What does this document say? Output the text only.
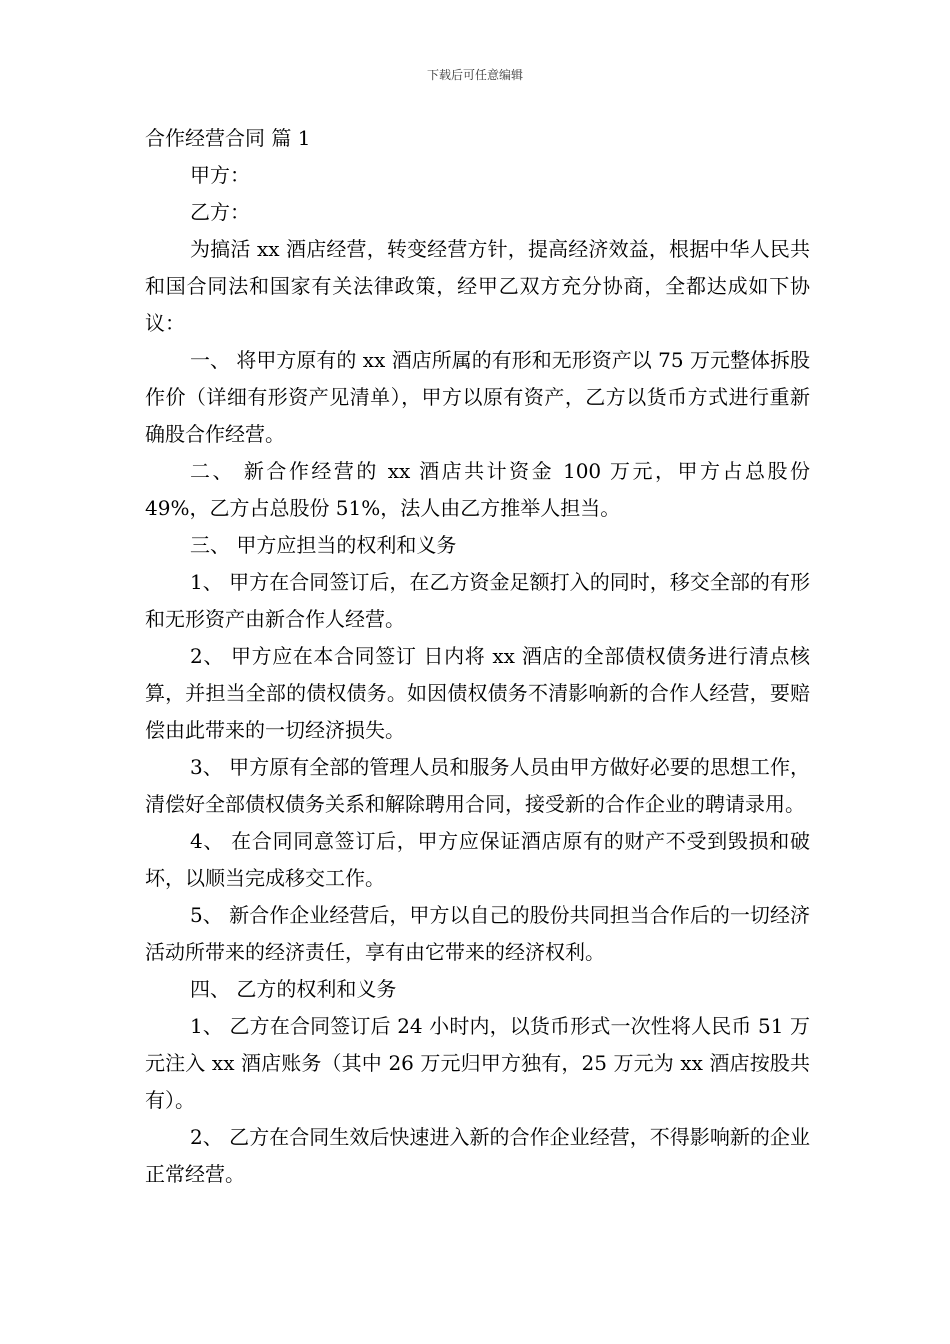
下载后可任意编辑

合作经营合同 篇 1

甲方：

乙方：

为搞活 xx 酒店经营，转变经营方针，提高经济效益，根据中华人民共和国合同法和国家有关法律政策，经甲乙双方充分协商，全都达成如下协议：

一、 将甲方原有的 xx 酒店所属的有形和无形资产以 75 万元整体拆股作价（详细有形资产见清单），甲方以原有资产，乙方以货币方式进行重新确股合作经营。

二、 新合作经营的 xx 酒店共计资金 100 万元，甲方占总股份 49%，乙方占总股份 51%，法人由乙方推举人担当。

三、 甲方应担当的权利和义务

1、 甲方在合同签订后，在乙方资金足额打入的同时，移交全部的有形和无形资产由新合作人经营。

2、 甲方应在本合同签订 日内将 xx 酒店的全部债权债务进行清点核算，并担当全部的债权债务。如因债权债务不清影响新的合作人经营，要赔偿由此带来的一切经济损失。

3、 甲方原有全部的管理人员和服务人员由甲方做好必要的思想工作，清偿好全部债权债务关系和解除聘用合同，接受新的合作企业的聘请录用。

4、 在合同同意签订后，甲方应保证酒店原有的财产不受到毁损和破坏，以顺当完成移交工作。

5、 新合作企业经营后，甲方以自己的股份共同担当合作后的一切经济活动所带来的经济责任，享有由它带来的经济权利。

四、 乙方的权利和义务

1、 乙方在合同签订后 24 小时内，以货币形式一次性将人民币 51 万元注入 xx 酒店账务（其中 26 万元归甲方独有，25 万元为 xx 酒店按股共有）。

2、 乙方在合同生效后快速进入新的合作企业经营，不得影响新的企业正常经营。
